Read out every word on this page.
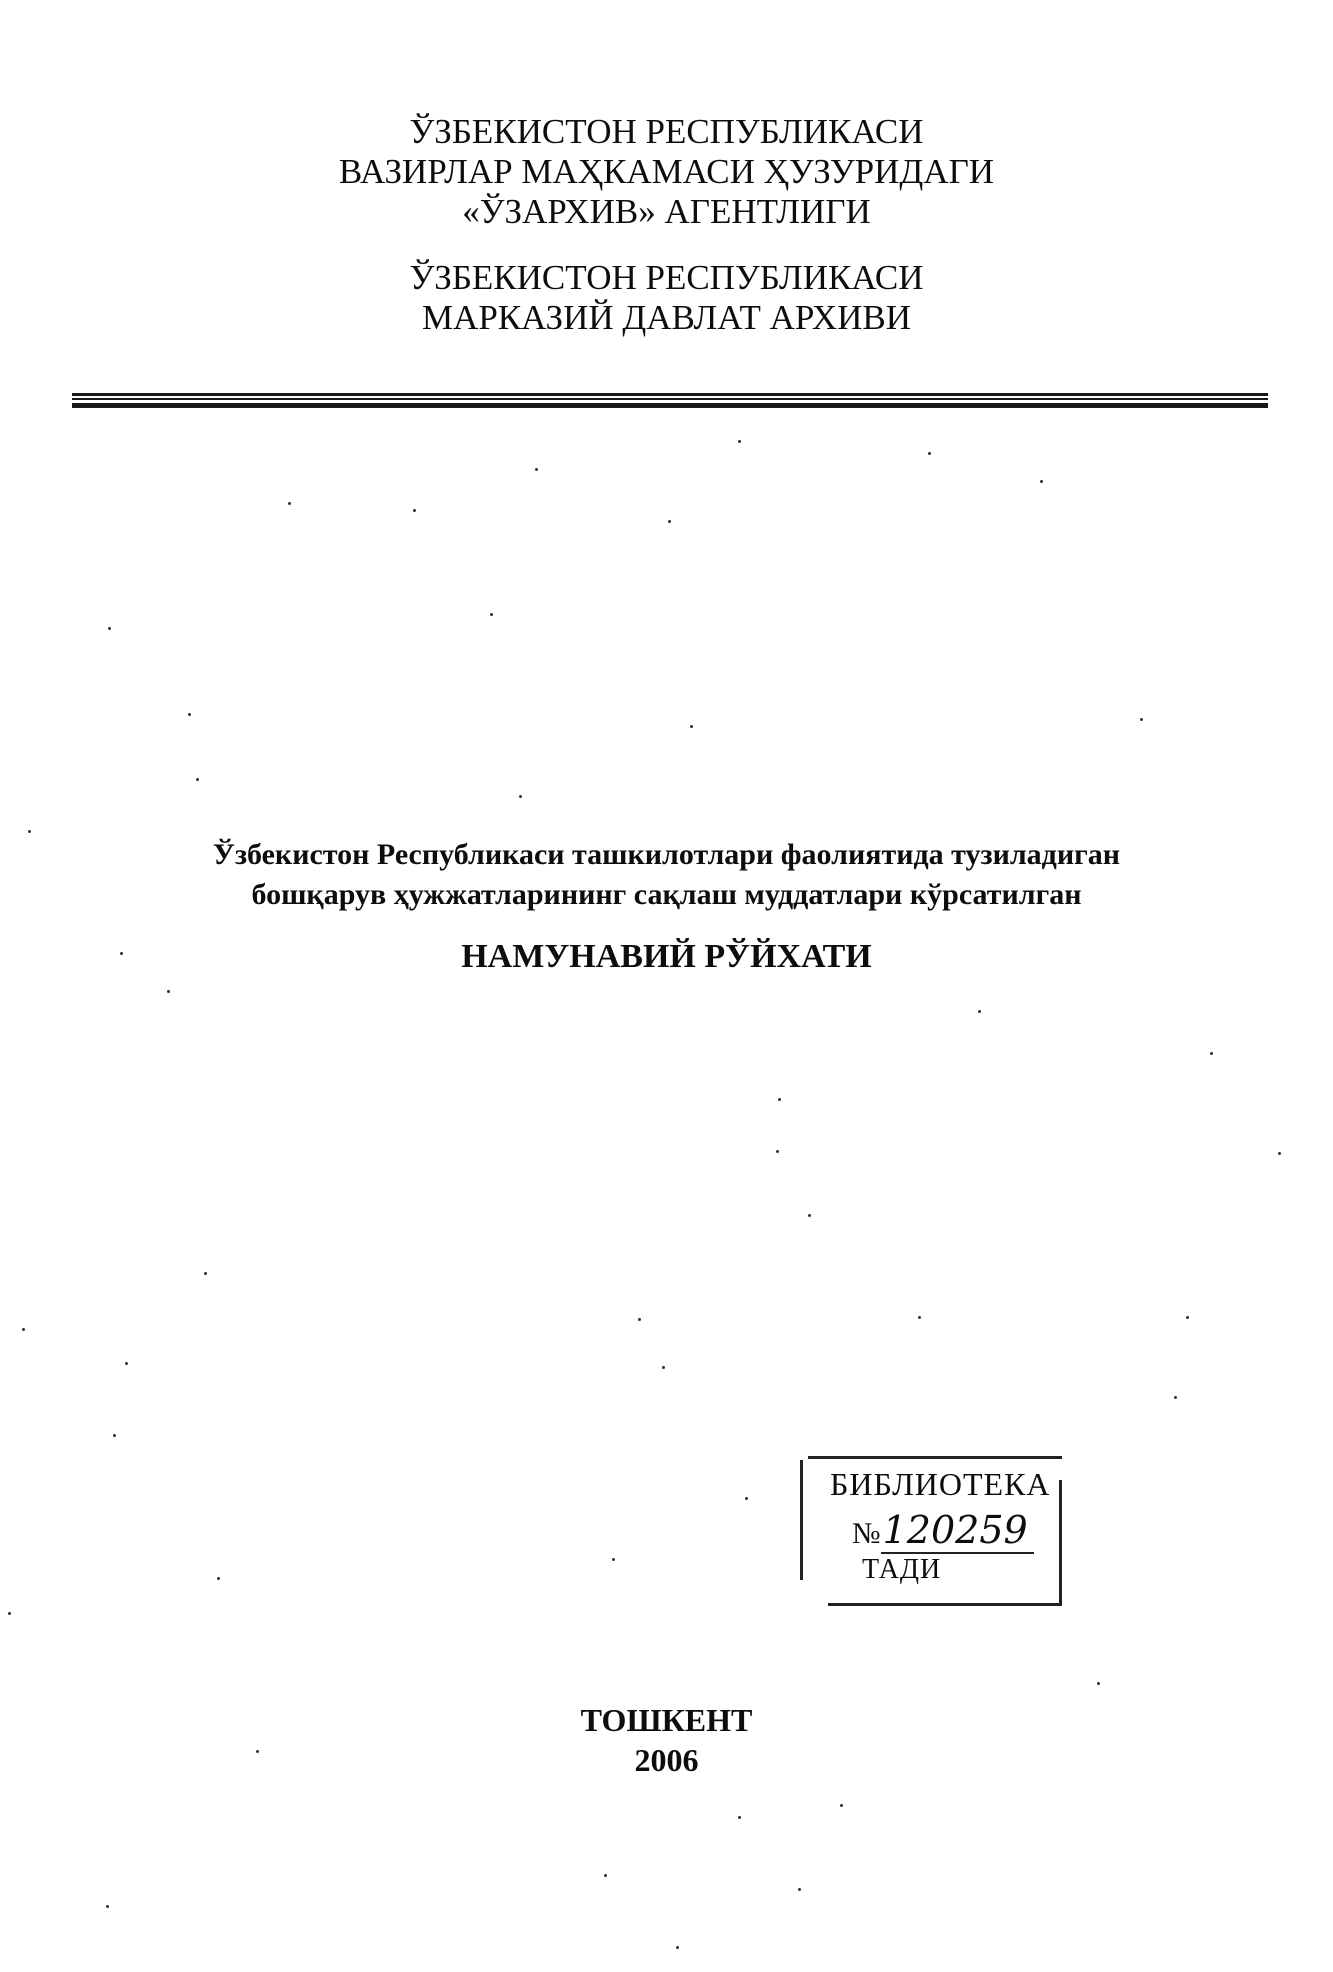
ЎЗБЕКИСТОН РЕСПУБЛИКАСИ
ВАЗИРЛАР МАҲКАМАСИ ҲУЗУРИДАГИ
«ЎЗАРХИВ» АГЕНТЛИГИ
ЎЗБЕКИСТОН РЕСПУБЛИКАСИ
МАРКАЗИЙ ДАВЛАТ АРХИВИ
Ўзбекистон Республикаси ташкилотлари фаолиятида тузиладиган
бошқарув ҳужжатларининг сақлаш муддатлари кўрсатилган
НАМУНАВИЙ РЎЙХАТИ
БИБЛИОТЕКА
№120259
ТАДИ
ТОШКЕНТ
2006
